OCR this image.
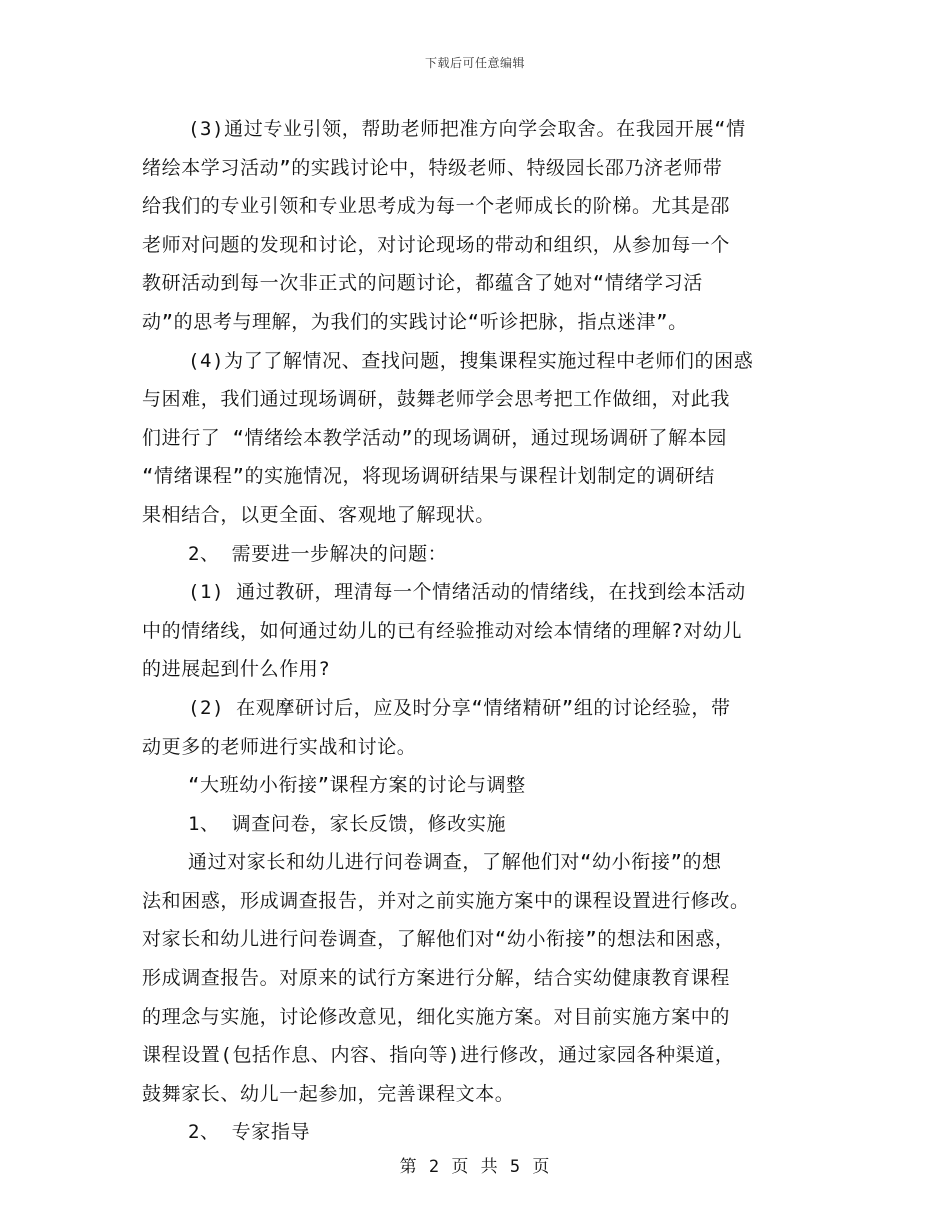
下载后可任意编辑
(3)通过专业引领，帮助老师把准方向学会取舍。在我园开展“情
绪绘本学习活动”的实践讨论中，特级老师、特级园长邵乃济老师带
给我们的专业引领和专业思考成为每一个老师成长的阶梯。尤其是邵
老师对问题的发现和讨论，对讨论现场的带动和组织，从参加每一个
教研活动到每一次非正式的问题讨论，都蕴含了她对“情绪学习活
动”的思考与理解，为我们的实践讨论“听诊把脉，指点迷津”。
(4)为了了解情况、查找问题，搜集课程实施过程中老师们的困惑
与困难，我们通过现场调研，鼓舞老师学会思考把工作做细，对此我
们进行了 “情绪绘本教学活动”的现场调研，通过现场调研了解本园
“情绪课程”的实施情况，将现场调研结果与课程计划制定的调研结
果相结合，以更全面、客观地了解现状。
2、 需要进一步解决的问题：
(1) 通过教研，理清每一个情绪活动的情绪线，在找到绘本活动
中的情绪线，如何通过幼儿的已有经验推动对绘本情绪的理解?对幼儿
的进展起到什么作用?
(2) 在观摩研讨后，应及时分享“情绪精研”组的讨论经验，带
动更多的老师进行实战和讨论。
“大班幼小衔接”课程方案的讨论与调整
1、 调查问卷，家长反馈，修改实施
通过对家长和幼儿进行问卷调查，了解他们对“幼小衔接”的想
法和困惑，形成调查报告，并对之前实施方案中的课程设置进行修改。
对家长和幼儿进行问卷调查，了解他们对“幼小衔接”的想法和困惑，
形成调查报告。对原来的试行方案进行分解，结合实幼健康教育课程
的理念与实施，讨论修改意见，细化实施方案。对目前实施方案中的
课程设置(包括作息、内容、指向等)进行修改，通过家园各种渠道，
鼓舞家长、幼儿一起参加，完善课程文本。
2、 专家指导
第 2 页 共 5 页
